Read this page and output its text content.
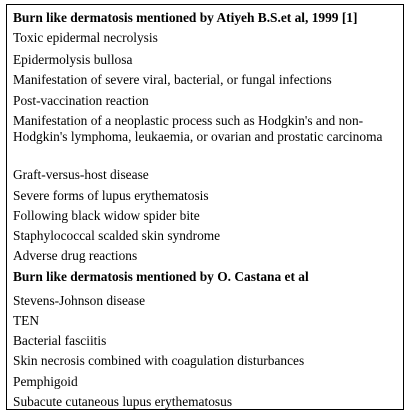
Burn like dermatosis mentioned by Atiyeh B.S.et al, 1999 [1]
Toxic epidermal necrolysis
Epidermolysis bullosa
Manifestation of severe viral, bacterial, or fungal infections
Post-vaccination reaction
Manifestation of a neoplastic process such as Hodgkin's and non-Hodgkin's lymphoma, leukaemia, or ovarian and prostatic carcinoma
Graft-versus-host disease
Severe forms of lupus erythematosis
Following black widow spider bite
Staphylococcal scalded skin syndrome
Adverse drug reactions
Burn like dermatosis mentioned by O. Castana et al
Stevens-Johnson disease
TEN
Bacterial fasciitis
Skin necrosis combined with coagulation disturbances
Pemphigoid
Subacute cutaneous lupus erythematosus
